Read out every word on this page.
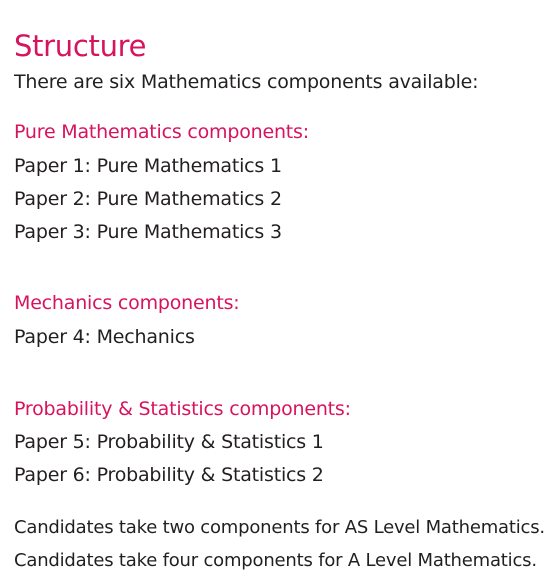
Structure
There are six Mathematics components available:
Pure Mathematics components:
Paper 1: Pure Mathematics 1
Paper 2: Pure Mathematics 2
Paper 3: Pure Mathematics 3
Mechanics components:
Paper 4: Mechanics
Probability & Statistics components:
Paper 5: Probability & Statistics 1
Paper 6: Probability & Statistics 2
Candidates take two components for AS Level Mathematics.
Candidates take four components for A Level Mathematics.
